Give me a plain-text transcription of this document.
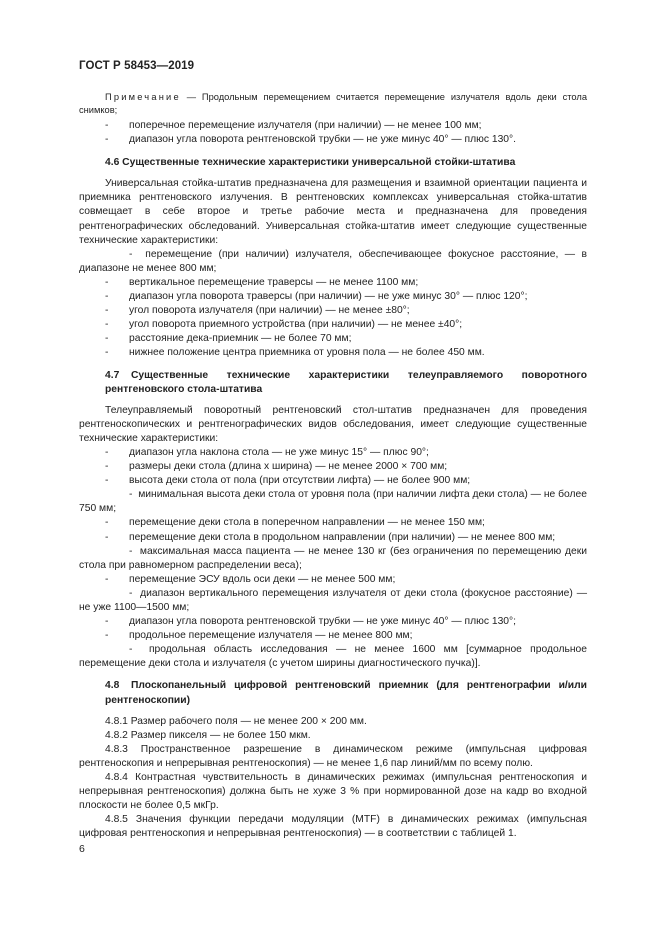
ГОСТ Р 58453—2019

Примечание — Продольным перемещением считается перемещение излучателя вдоль деки стола снимков;

- поперечное перемещение излучателя (при наличии) — не менее 100 мм;

- диапазон угла поворота рентгеновской трубки — не уже минус 40° — плюс 130°.

4.6 Существенные технические характеристики универсальной стойки-штатива

Универсальная стойка-штатив предназначена для размещения и взаимной ориентации пациента и приемника рентгеновского излучения. В рентгеновских комплексах универсальная стойка-штатив совмещает в себе второе и третье рабочие места и предназначена для проведения рентгенографических обследований. Универсальная стойка-штатив имеет следующие существенные технические характеристики:

-  перемещение (при наличии) излучателя, обеспечивающее фокусное расстояние, — в диапазоне не менее 800 мм;

- вертикальное перемещение траверсы — не менее 1100 мм;

- диапазон угла поворота траверсы (при наличии) — не уже минус 30° — плюс 120°;

- угол поворота излучателя (при наличии) — не менее ±80°;

- угол поворота приемного устройства (при наличии) — не менее ±40°;

- расстояние дека-приемник — не более 70 мм;

- нижнее положение центра приемника от уровня пола — не более 450 мм.

4.7	Существенные технические характеристики телеуправляемого поворотного
рентгеновского стола-штатива

Телеуправляемый поворотный рентгеновский стол-штатив предназначен для проведения рентгеноскопических и рентгенографических видов обследования, имеет следующие существенные технические характеристики:

- диапазон угла наклона стола — не уже минус 15° — плюс 90°;

- размеры деки стола (длина x ширина) — не менее 2000 × 700 мм;

- высота деки стола от пола (при отсутствии лифта) — не более 900 мм;

-  минимальная высота деки стола от уровня пола (при наличии лифта деки стола) — не более 750 мм;

- перемещение деки стола в поперечном направлении — не менее 150 мм;

- перемещение деки стола в продольном направлении (при наличии) — не менее 800 мм;

-  максимальная масса пациента — не менее 130 кг (без ограничения по перемещению деки стола при равномерном распределении веса);

- перемещение ЭСУ вдоль оси деки — не менее 500 мм;

-  диапазон вертикального перемещения излучателя от деки стола (фокусное расстояние) — не уже 1100—1500 мм;

- диапазон угла поворота рентгеновской трубки — не уже минус 40° — плюс 130°;

- продольное перемещение излучателя — не менее 800 мм;

-  продольная область исследования — не менее 1600 мм [суммарное продольное перемещение деки стола и излучателя (с учетом ширины диагностического пучка)].

4.8	Плоскопанельный цифровой рентгеновский приемник (для рентгенографии и/или
рентгеноскопии)

4.8.1 Размер рабочего поля — не менее 200 × 200 мм.

4.8.2 Размер пикселя — не более 150 мкм.

4.8.3 Пространственное разрешение в динамическом режиме (импульсная цифровая рентгеноскопия и непрерывная рентгеноскопия) — не менее 1,6 пар линий/мм по всему полю.

4.8.4 Контрастная чувствительность в динамических режимах (импульсная рентгеноскопия и непрерывная рентгеноскопия) должна быть не хуже 3 % при нормированной дозе на кадр во входной плоскости не более 0,5 мкГр.

4.8.5 Значения функции передачи модуляции (MTF) в динамических режимах (импульсная цифровая рентгеноскопия и непрерывная рентгеноскопия) — в соответствии с таблицей 1.

6
